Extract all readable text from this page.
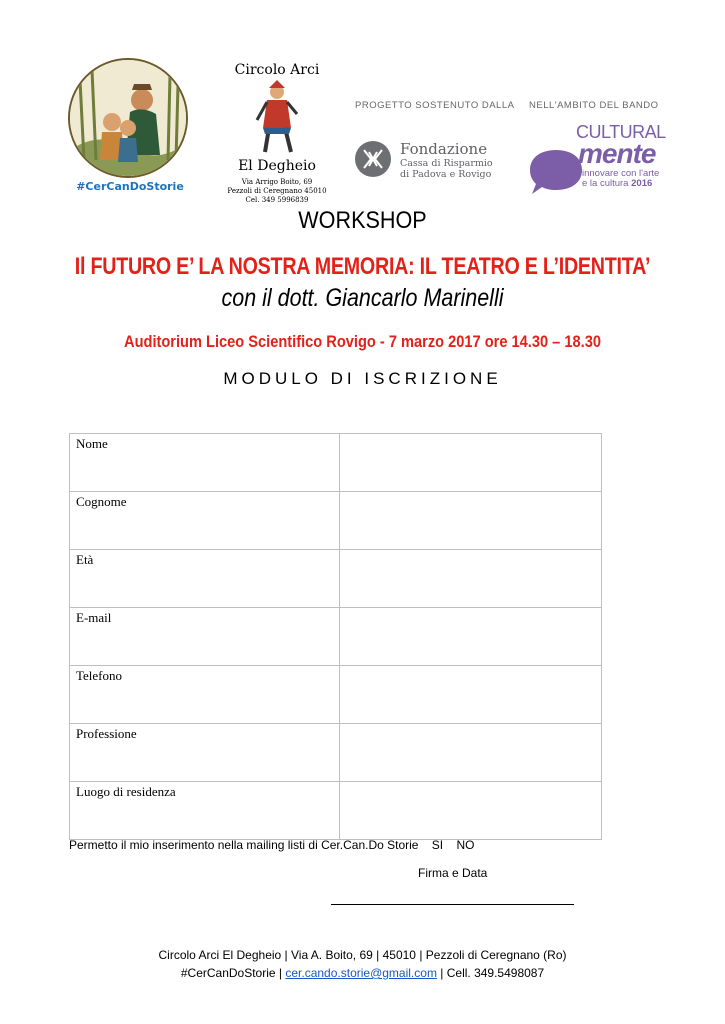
#CerCanDoStorie
Circolo Arci
El Degheio
Via Arrigo Boito, 69
Pezzoli di Ceregnano 45010
Cel. 349 5996839
PROGETTO SOSTENUTO DALLA NELL'AMBITO DEL BANDO
Fondazione
Cassa di Risparmio
di Padova e Rovigo
CULTURAL
mente
innovare con l'arte
e la cultura 2016
WORKSHOP
Il FUTURO E’ LA NOSTRA MEMORIA: IL TEATRO E L’IDENTITA’
con il dott. Giancarlo Marinelli
Auditorium Liceo Scientifico Rovigo - 7 marzo 2017 ore 14.30 – 18.30
MODULO DI ISCRIZIONE
Nome	
Cognome	
Età	
E-mail	
Telefono	
Professione	
Luogo di residenza	
Permetto il mio inserimento nella mailing listi di Cer.Can.Do Storie    SI    NO
Firma e Data
Circolo Arci El Degheio | Via A. Boito, 69 | 45010 | Pezzoli di Ceregnano (Ro)
#CerCanDoStorie | cer.cando.storie@gmail.com | Cell. 349.5498087
